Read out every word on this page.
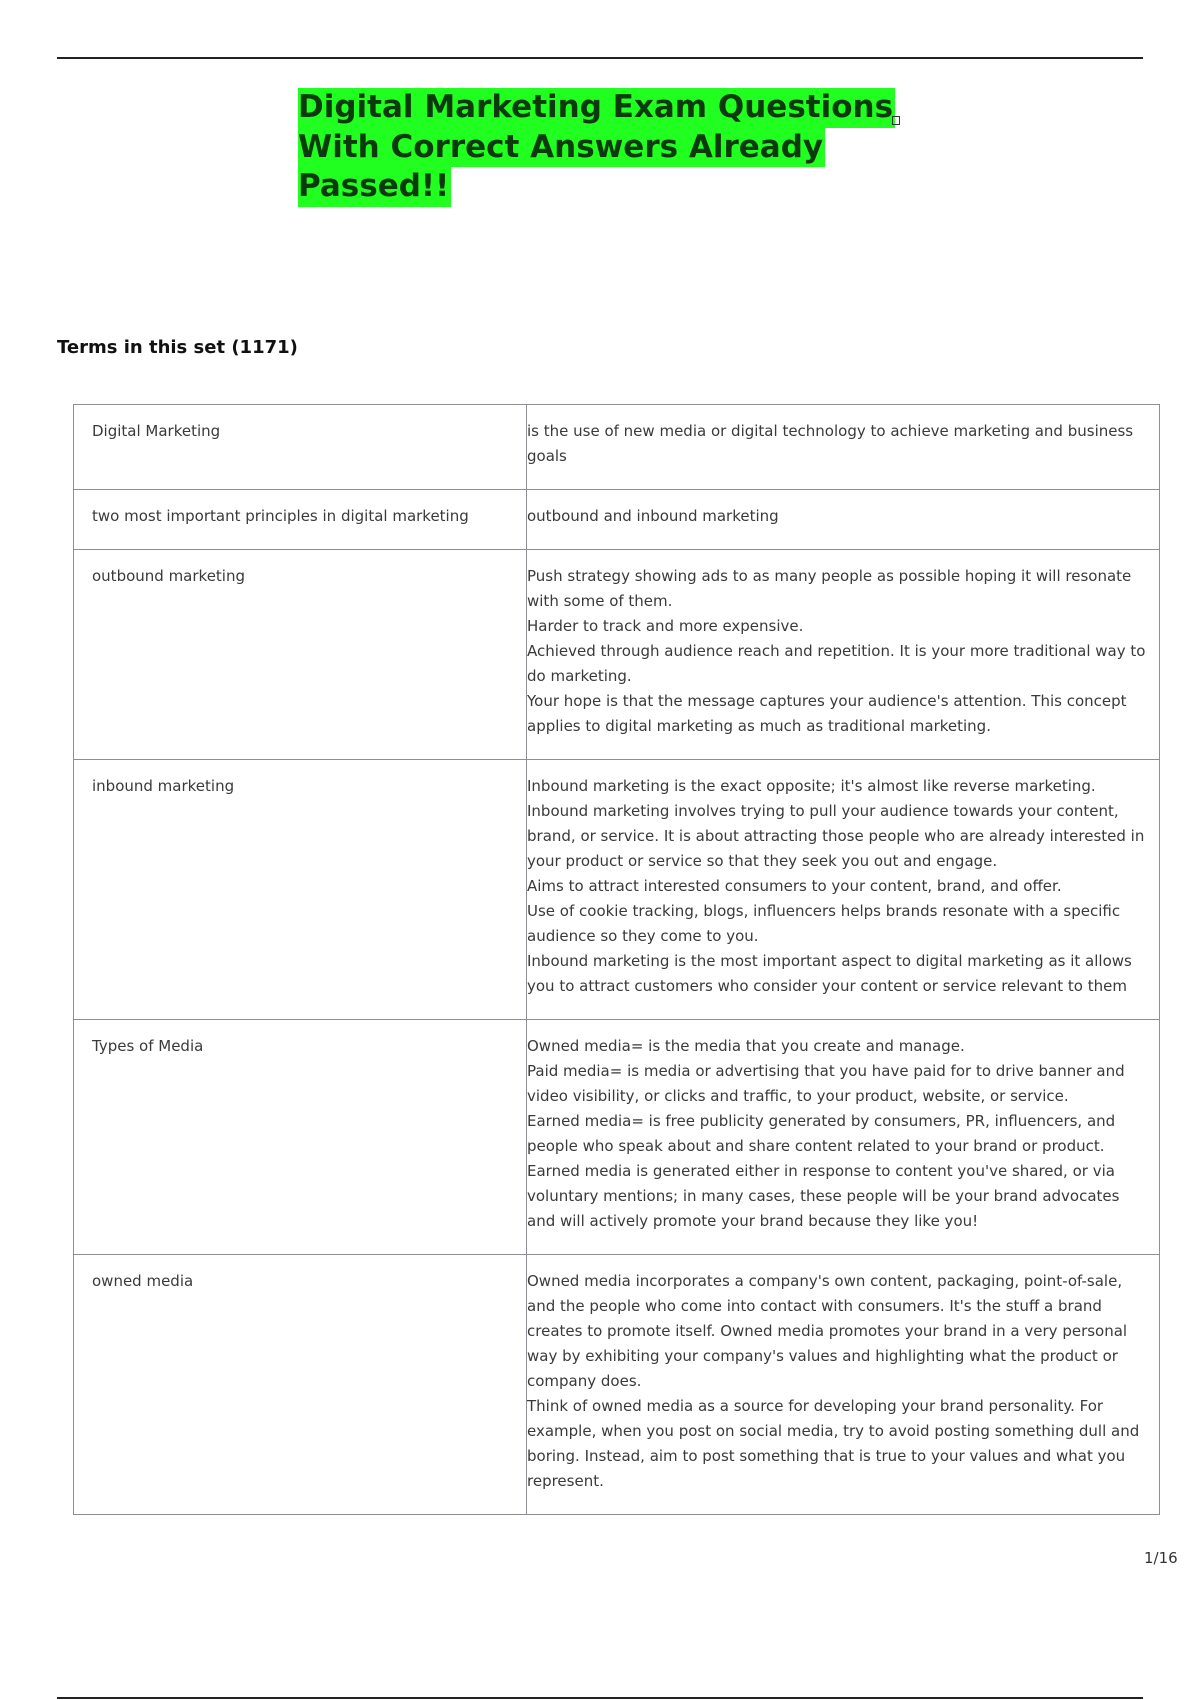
Digital Marketing Exam Questions
With Correct Answers Already
Passed!!
Terms in this set (1171)
Digital Marketing	is the use of new media or digital technology to achieve marketing and business goals

two most important principles in digital marketing	outbound and inbound marketing

outbound marketing	Push strategy showing ads to as many people as possible hoping it will resonate with some of them.
Harder to track and more expensive.
Achieved through audience reach and repetition. It is your more traditional way to do marketing.
Your hope is that the message captures your audience's attention. This concept applies to digital marketing as much as traditional marketing.

inbound marketing	Inbound marketing is the exact opposite; it's almost like reverse marketing.
Inbound marketing involves trying to pull your audience towards your content, brand, or service. It is about attracting those people who are already interested in your product or service so that they seek you out and engage.
Aims to attract interested consumers to your content, brand, and offer.
Use of cookie tracking, blogs, influencers helps brands resonate with a specific audience so they come to you.
Inbound marketing is the most important aspect to digital marketing as it allows you to attract customers who consider your content or service relevant to them

Types of Media	Owned media= is the media that you create and manage.
Paid media= is media or advertising that you have paid for to drive banner and video visibility, or clicks and traffic, to your product, website, or service.
Earned media= is free publicity generated by consumers, PR, influencers, and people who speak about and share content related to your brand or product. Earned media is generated either in response to content you've shared, or via voluntary mentions; in many cases, these people will be your brand advocates and will actively promote your brand because they like you!

owned media	Owned media incorporates a company's own content, packaging, point-of-sale, and the people who come into contact with consumers. It's the stuff a brand creates to promote itself. Owned media promotes your brand in a very personal way by exhibiting your company's values and highlighting what the product or company does.
Think of owned media as a source for developing your brand personality. For example, when you post on social media, try to avoid posting something dull and boring. Instead, aim to post something that is true to your values and what you represent.
1/16
